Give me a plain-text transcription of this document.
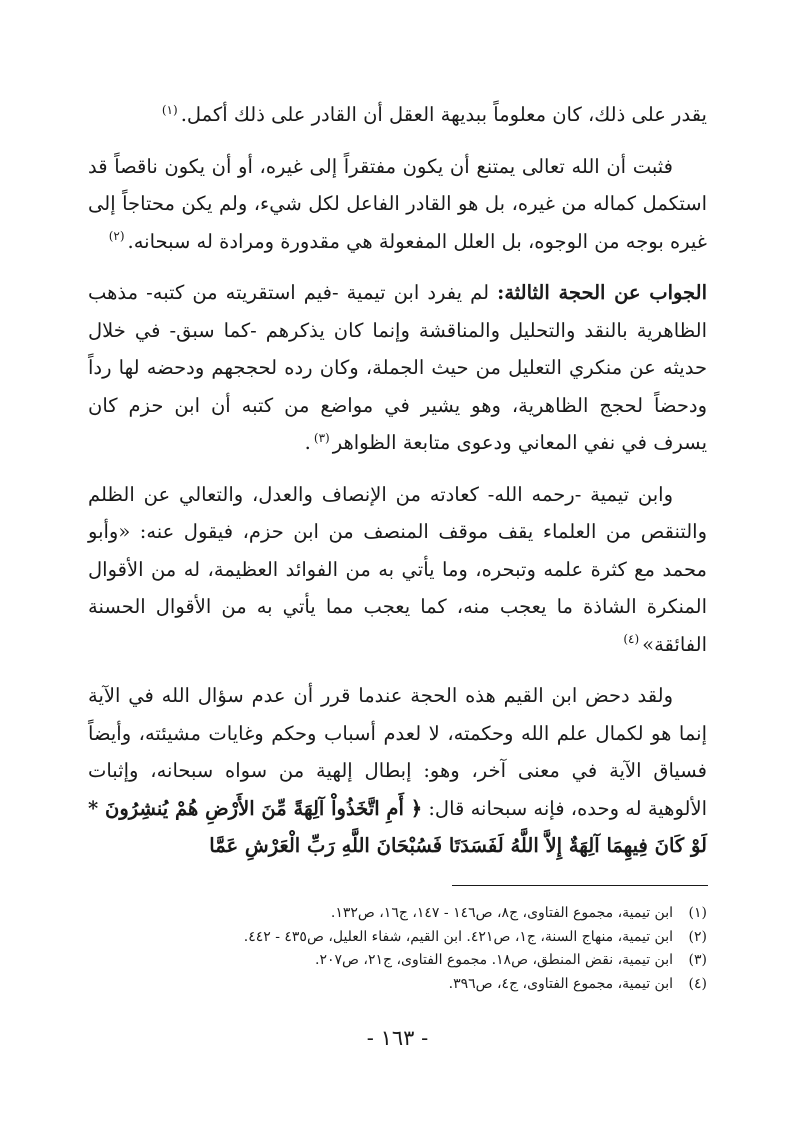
يقدر على ذلك، كان معلوماً ببديهة العقل أن القادر على ذلك أكمل.$^{(١)}$

فثبت أن الله تعالى يمتنع أن يكون مفتقراً إلى غيره، أو أن يكون ناقصاً قد استكمل كماله من غيره، بل هو القادر الفاعل لكل شيء، ولم يكن محتاجاً إلى غيره بوجه من الوجوه، بل العلل المفعولة هي مقدورة ومرادة له سبحانه.$^{(٢)}$

الجواب عن الحجة الثالثة: لم يفرد ابن تيمية -فيم استقريته من كتبه- مذهب الظاهرية بالنقد والتحليل والمناقشة وإنما كان يذكرهم -كما سبق- في خلال حديثه عن منكري التعليل من حيث الجملة، وكان رده لحججهم ودحضه لها رداً ودحضاً لحجج الظاهرية، وهو يشير في مواضع من كتبه أن ابن حزم كان يسرف في نفي المعاني ودعوى متابعة الظواهر$^{(٣)}$.

وابن تيمية -رحمه الله- كعادته من الإنصاف والعدل، والتعالي عن الظلم والتنقص من العلماء يقف موقف المنصف من ابن حزم، فيقول عنه: «وأبو محمد مع كثرة علمه وتبحره، وما يأتي به من الفوائد العظيمة، له من الأقوال المنكرة الشاذة ما يعجب منه، كما يعجب مما يأتي به من الأقوال الحسنة الفائقة»$^{(٤)}$

ولقد دحض ابن القيم هذه الحجة عندما قرر أن عدم سؤال الله في الآية إنما هو لكمال علم الله وحكمته، لا لعدم أسباب وحكم وغايات مشيئته، وأيضاً فسياق الآية في معنى آخر، وهو: إبطال إلهية من سواه سبحانه، وإثبات الألوهية له وحده، فإنه سبحانه قال: ﴿ أَمِ اتَّخَذُواْ آلِهَةً مِّنَ الأَرْضِ هُمْ يُنشِرُونَ * لَوْ كَانَ فِيهِمَا آلِهَةٌ إِلاَّ اللَّهُ لَفَسَدَتَا فَسُبْحَانَ اللَّهِ رَبِّ الْعَرْشِ عَمَّا

(١)ابن تيمية، مجموع الفتاوى، ج٨، ص١٤٦ - ١٤٧، ج١٦، ص١٣٢.
(٢)ابن تيمية، منهاج السنة، ج١، ص٤٢١. ابن القيم، شفاء العليل، ص٤٣٥ - ٤٤٢.
(٣)ابن تيمية، نقض المنطق، ص١٨. مجموع الفتاوى، ج٢١، ص٢٠٧.
(٤)ابن تيمية، مجموع الفتاوى، ج٤، ص٣٩٦.
- ١٦٣ -
